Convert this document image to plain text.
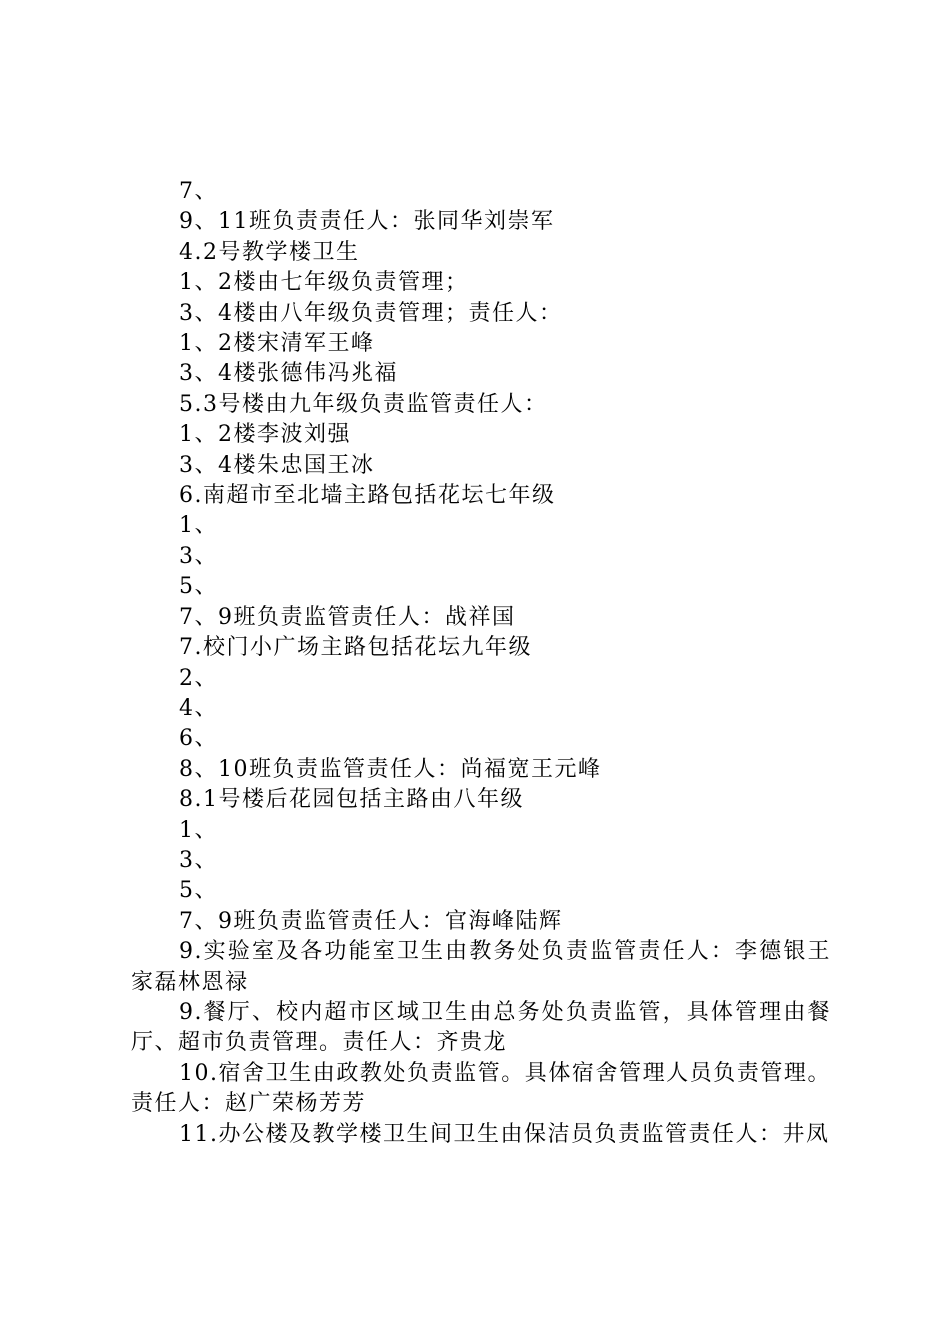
7、
9、11班负责责任人：张同华刘崇军
4.2号教学楼卫生
1、2楼由七年级负责管理；
3、4楼由八年级负责管理；责任人：
1、2楼宋清军王峰
3、4楼张德伟冯兆福
5.3号楼由九年级负责监管责任人：
1、2楼李波刘强
3、4楼朱忠国王冰
6.南超市至北墙主路包括花坛七年级
1、
3、
5、
7、9班负责监管责任人：战祥国
7.校门小广场主路包括花坛九年级
2、
4、
6、
8、10班负责监管责任人：尚福宽王元峰
8.1号楼后花园包括主路由八年级
1、
3、
5、
7、9班负责监管责任人：官海峰陆辉

9.实验室及各功能室卫生由教务处负责监管责任人：李德银王家磊林恩禄

9.餐厅、校内超市区域卫生由总务处负责监管，具体管理由餐厅、超市负责管理。责任人：齐贵龙

10.宿舍卫生由政教处负责监管。具体宿舍管理人员负责管理。责任人：赵广荣杨芳芳

11.办公楼及教学楼卫生间卫生由保洁员负责监管责任人：井凤
